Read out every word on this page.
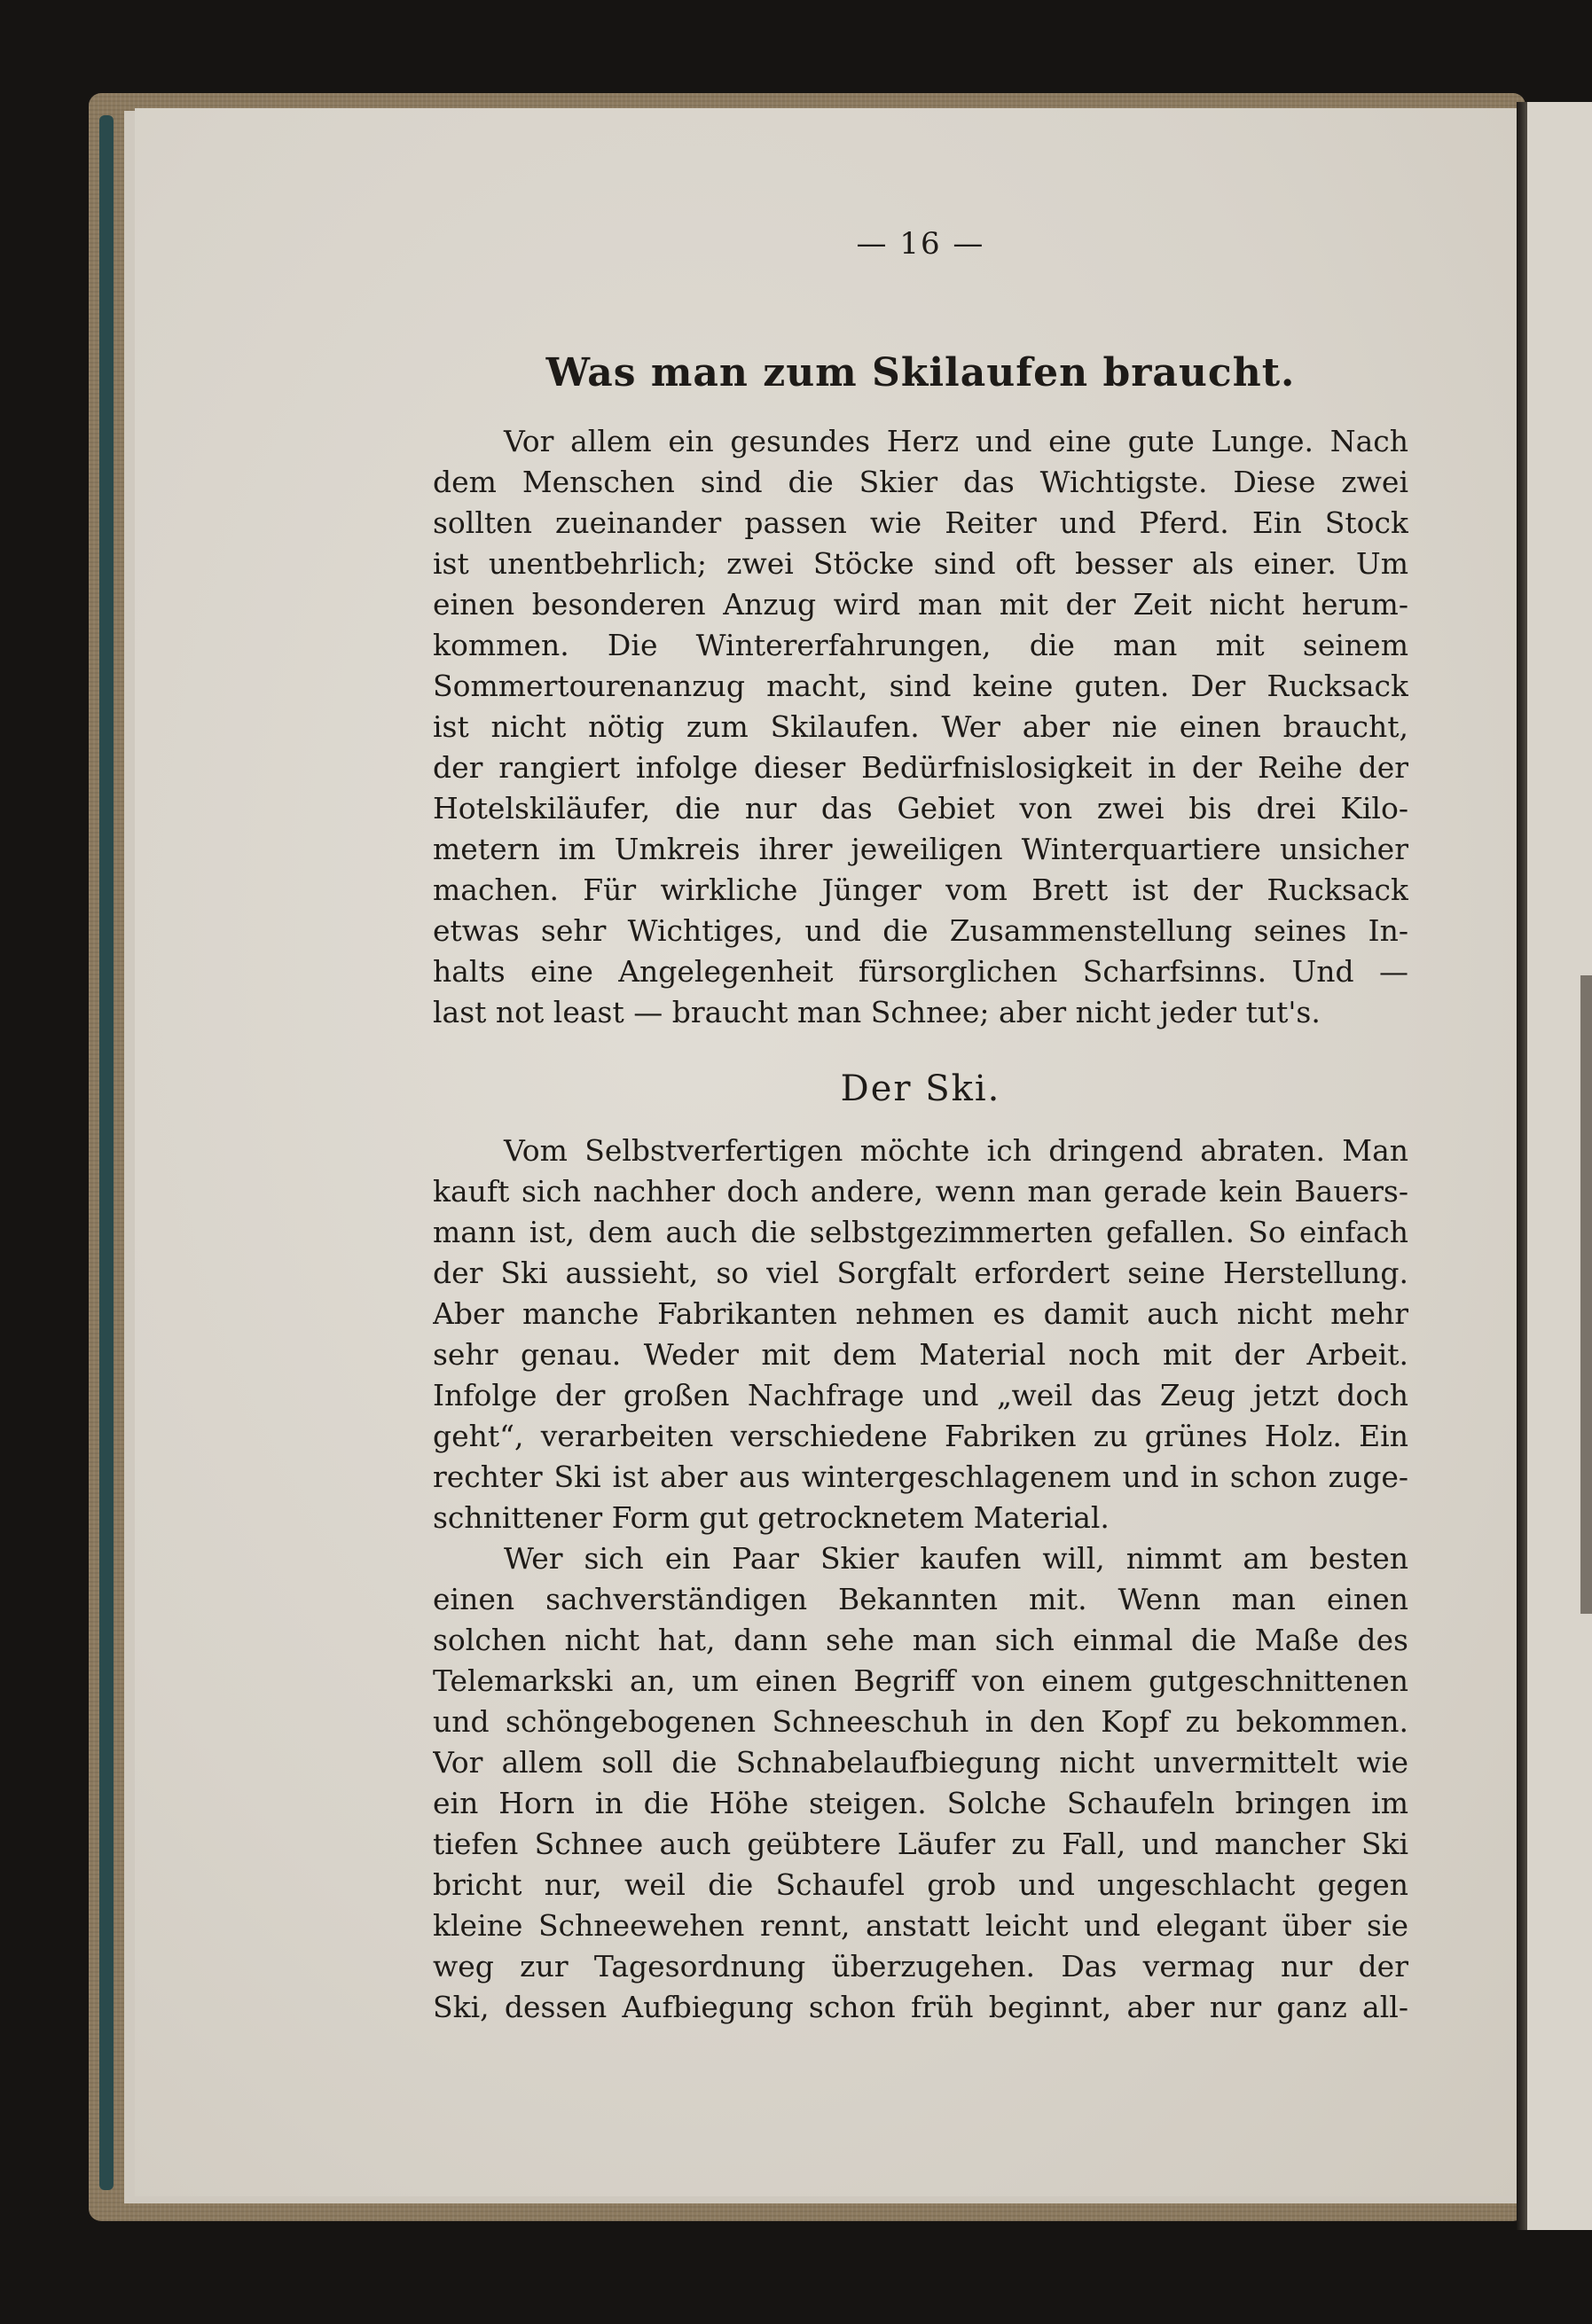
— 16 —
Was man zum Skilaufen braucht.
Vor allem ein gesundes Herz und eine gute Lunge. Nach
dem Menschen sind die Skier das Wichtigste. Diese zwei
sollten zueinander passen wie Reiter und Pferd. Ein Stock
ist unentbehrlich; zwei Stöcke sind oft besser als einer. Um
einen besonderen Anzug wird man mit der Zeit nicht herum-
kommen. Die Wintererfahrungen, die man mit seinem
Sommertourenanzug macht, sind keine guten. Der Rucksack
ist nicht nötig zum Skilaufen. Wer aber nie einen braucht,
der rangiert infolge dieser Bedürfnislosigkeit in der Reihe der
Hotelskiläufer, die nur das Gebiet von zwei bis drei Kilo-
metern im Umkreis ihrer jeweiligen Winterquartiere unsicher
machen. Für wirkliche Jünger vom Brett ist der Rucksack
etwas sehr Wichtiges, und die Zusammenstellung seines In-
halts eine Angelegenheit fürsorglichen Scharfsinns. Und —
last not least — braucht man Schnee; aber nicht jeder tut's.
Der Ski.
Vom Selbstverfertigen möchte ich dringend abraten. Man
kauft sich nachher doch andere, wenn man gerade kein Bauers-
mann ist, dem auch die selbstgezimmerten gefallen. So einfach
der Ski aussieht, so viel Sorgfalt erfordert seine Herstellung.
Aber manche Fabrikanten nehmen es damit auch nicht mehr
sehr genau. Weder mit dem Material noch mit der Arbeit.
Infolge der großen Nachfrage und „weil das Zeug jetzt doch
geht“, verarbeiten verschiedene Fabriken zu grünes Holz. Ein
rechter Ski ist aber aus wintergeschlagenem und in schon zuge-
schnittener Form gut getrocknetem Material.
Wer sich ein Paar Skier kaufen will, nimmt am besten
einen sachverständigen Bekannten mit. Wenn man einen
solchen nicht hat, dann sehe man sich einmal die Maße des
Telemarkski an, um einen Begriff von einem gutgeschnittenen
und schöngebogenen Schneeschuh in den Kopf zu bekommen.
Vor allem soll die Schnabelaufbiegung nicht unvermittelt wie
ein Horn in die Höhe steigen. Solche Schaufeln bringen im
tiefen Schnee auch geübtere Läufer zu Fall, und mancher Ski
bricht nur, weil die Schaufel grob und ungeschlacht gegen
kleine Schneewehen rennt, anstatt leicht und elegant über sie
weg zur Tagesordnung überzugehen. Das vermag nur der
Ski, dessen Aufbiegung schon früh beginnt, aber nur ganz all-
